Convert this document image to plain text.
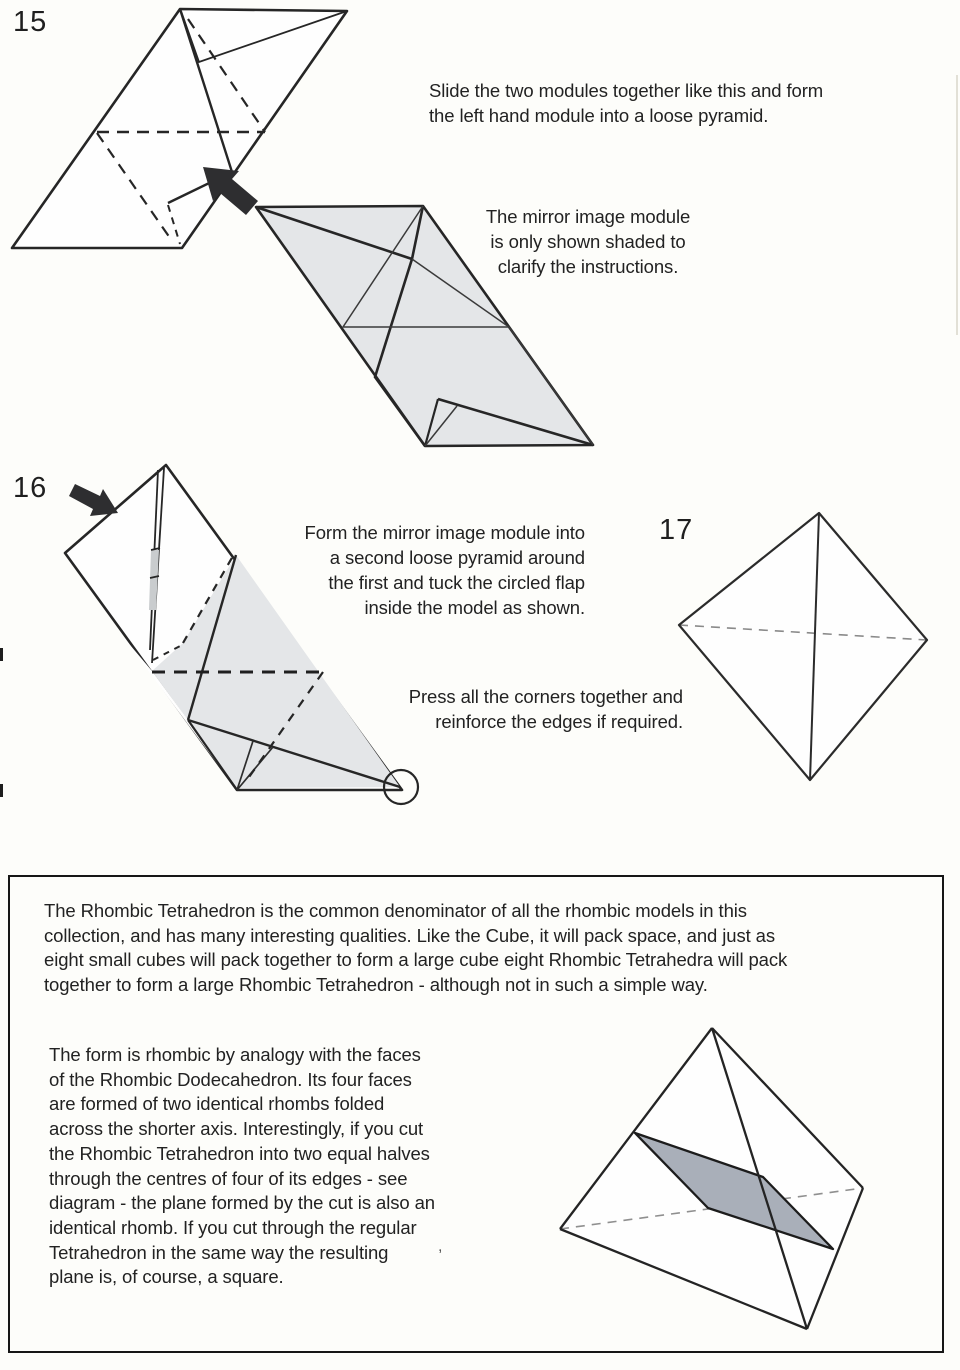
15
Slide the two modules together like this and form
the left hand module into a loose pyramid.
The mirror image module
is only shown shaded to
clarify the instructions.
16
Form the mirror image module into
a second loose pyramid around
the first and tuck the circled flap
inside the model as shown.
Press all the corners together and
reinforce the edges if required.
17
The Rhombic Tetrahedron is the common denominator of all the rhombic models in this
collection, and has many interesting qualities. Like the Cube, it will pack space, and just as
eight small cubes will pack together to form a large cube eight Rhombic Tetrahedra will pack
together to form a large Rhombic Tetrahedron - although not in such a simple way.
The form is rhombic by analogy with the faces
of the Rhombic Dodecahedron. Its four faces
are formed of two identical rhombs folded
across the shorter axis. Interestingly, if you cut
the Rhombic Tetrahedron into two equal halves
through the centres of four of its edges - see
diagram - the plane formed by the cut is also an
identical rhomb. If you cut through the regular
Tetrahedron in the same way the resulting
plane is, of course, a square.
,
